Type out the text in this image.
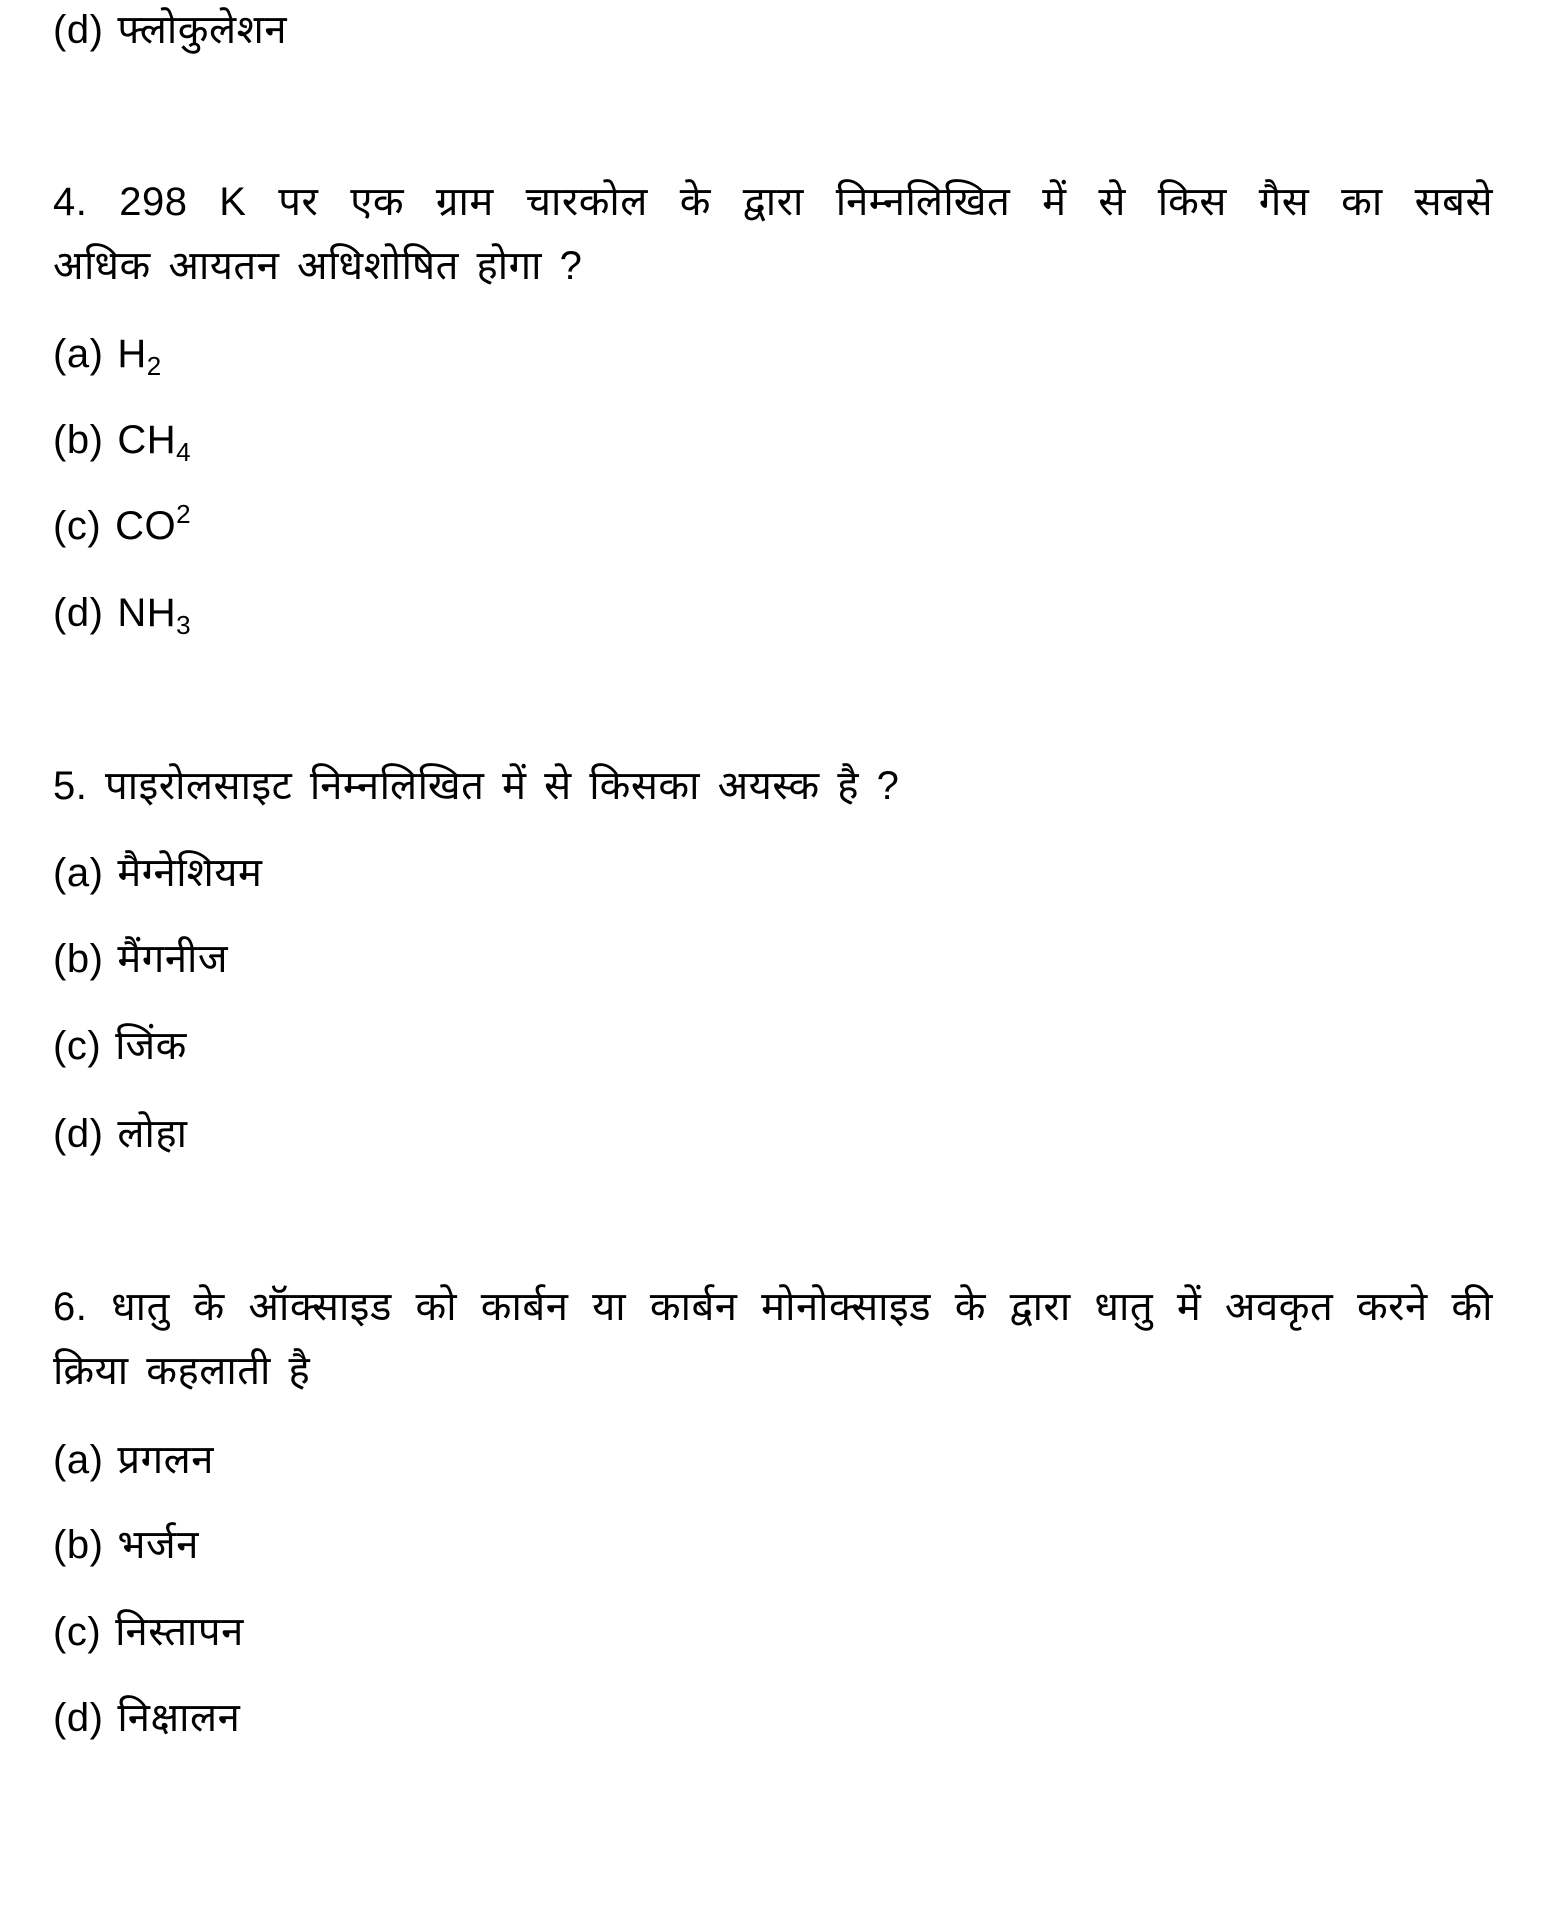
(d) फ्लोकुलेशन
4. 298 K पर एक ग्राम चारकोल के द्वारा निम्नलिखित में से किस गैस का सबसे
अधिक आयतन अधिशोषित होगा ?
(a) $H_2$
(b) $CH_4$
(c) $CO^2$
(d) $NH_3$
5. पाइरोलसाइट निम्नलिखित में से किसका अयस्क है ?
(a) मैग्नेशियम
(b) मैंगनीज
(c) जिंक
(d) लोहा
6. धातु के ऑक्साइड को कार्बन या कार्बन मोनोक्साइड के द्वारा धातु में अवकृत करने की
क्रिया कहलाती है
(a) प्रगलन
(b) भर्जन
(c) निस्तापन
(d) निक्षालन
